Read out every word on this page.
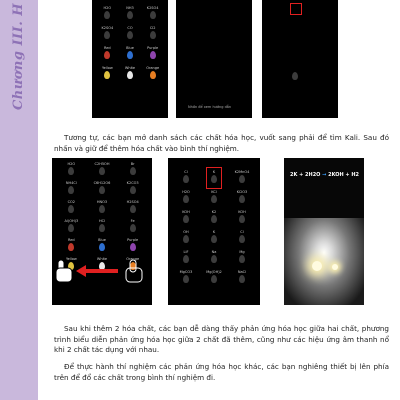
Chương III. H	H2O	NH3	K2SO4
K2SO4	CO	Cl2
Red	Blue	Purple
Yellow	White	Orange
Nhấn để xem hướng dẫn

Tương tự, các bạn mở danh sách các chất hóa học, vuốt sang phải để tìm Kali. Sau đó nhấn và giữ để thêm hóa chất vào bình thí nghiệm.

H2O	C2H5OH	Br
NH4Cl	C6H12O6	K2CO3
CO2	HNO3	H2SO4
Al(OH)3	HCl	Fe
Red	Blue	Purple
Yellow	White	Orange
Cl	K	K2MnO4
H2O	KCl	KClO3
KOH	K2	KOH
OH	K	Cl
LiF	Na	Mg
MgCO3	Mg(OH)2	NaCl
2K + 2H2O → 2KOH + H2

Sau khi thêm 2 hóa chất, các bạn dễ dàng thấy phản ứng hóa học giữa hai chất, phương trình biểu diễn phản ứng hóa học giữa 2 chất đã thêm, cũng như các hiệu ứng âm thanh nổ khi 2 chất tác dụng với nhau.

Để thực hành thí nghiệm các phản ứng hóa học khác, các bạn nghiêng thiết bị lên phía trên để đổ các chất trong bình thí nghiệm đi.
